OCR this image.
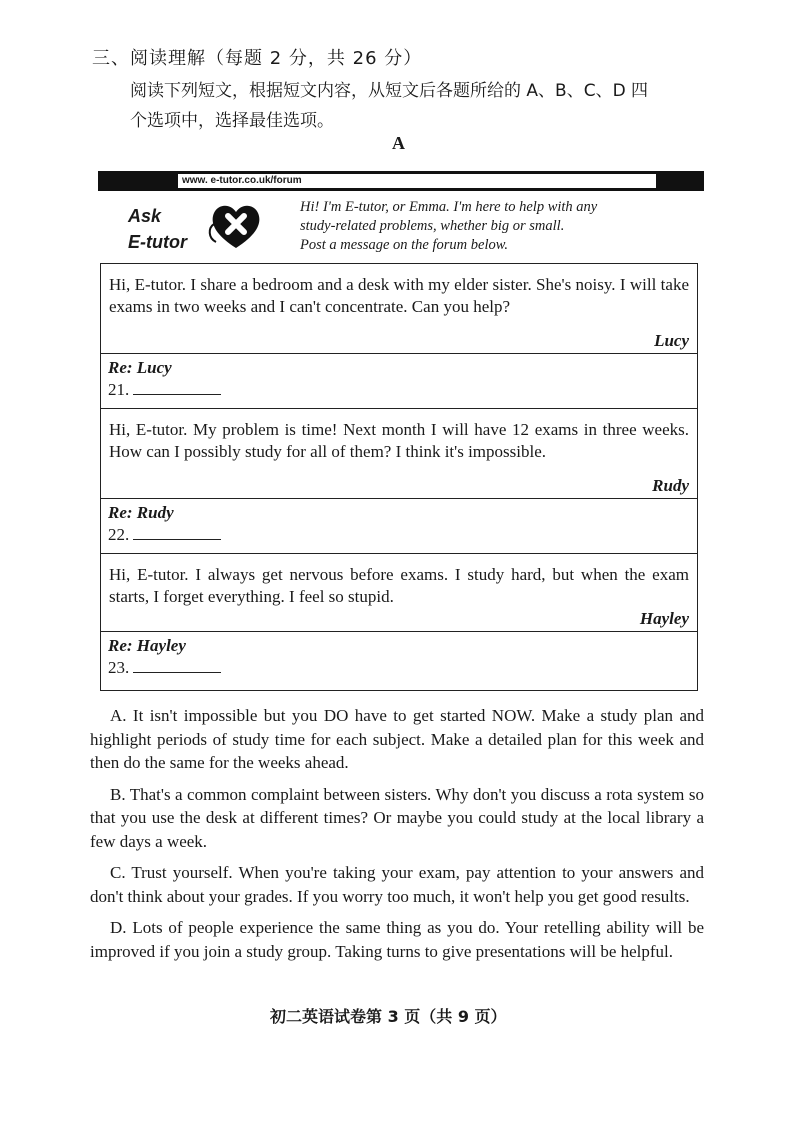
三、阅读理解（每题 2 分，共 26 分）
阅读下列短文，根据短文内容，从短文后各题所给的 A、B、C、D 四
个选项中，选择最佳选项。
A
www. e-tutor.co.uk/forum
Ask
E-tutor
Hi! I'm E-tutor, or Emma. I'm here to help with any
study-related problems, whether big or small.
Post a message on the forum below.
Hi, E-tutor. I share a bedroom and a desk with my elder sister. She's noisy. I will take exams in two weeks and I can't concentrate. Can you help?
Lucy
Re: Lucy
21.
Hi, E-tutor. My problem is time! Next month I will have 12 exams in three weeks. How can I possibly study for all of them? I think it's impossible.
Rudy
Re: Rudy
22.
Hi, E-tutor. I always get nervous before exams. I study hard, but when the exam starts, I forget everything. I feel so stupid.
Hayley
Re: Hayley
23.

A. It isn't impossible but you DO have to get started NOW. Make a study plan and highlight periods of study time for each subject. Make a detailed plan for this week and then do the same for the weeks ahead.

B. That's a common complaint between sisters. Why don't you discuss a rota system so that you use the desk at different times? Or maybe you could study at the local library a few days a week.

C. Trust yourself. When you're taking your exam, pay attention to your answers and don't think about your grades. If you worry too much, it won't help you get good results.

D. Lots of people experience the same thing as you do. Your retelling ability will be improved if you join a study group. Taking turns to give presentations will be helpful.

初二英语试卷第 3 页（共 9 页）
